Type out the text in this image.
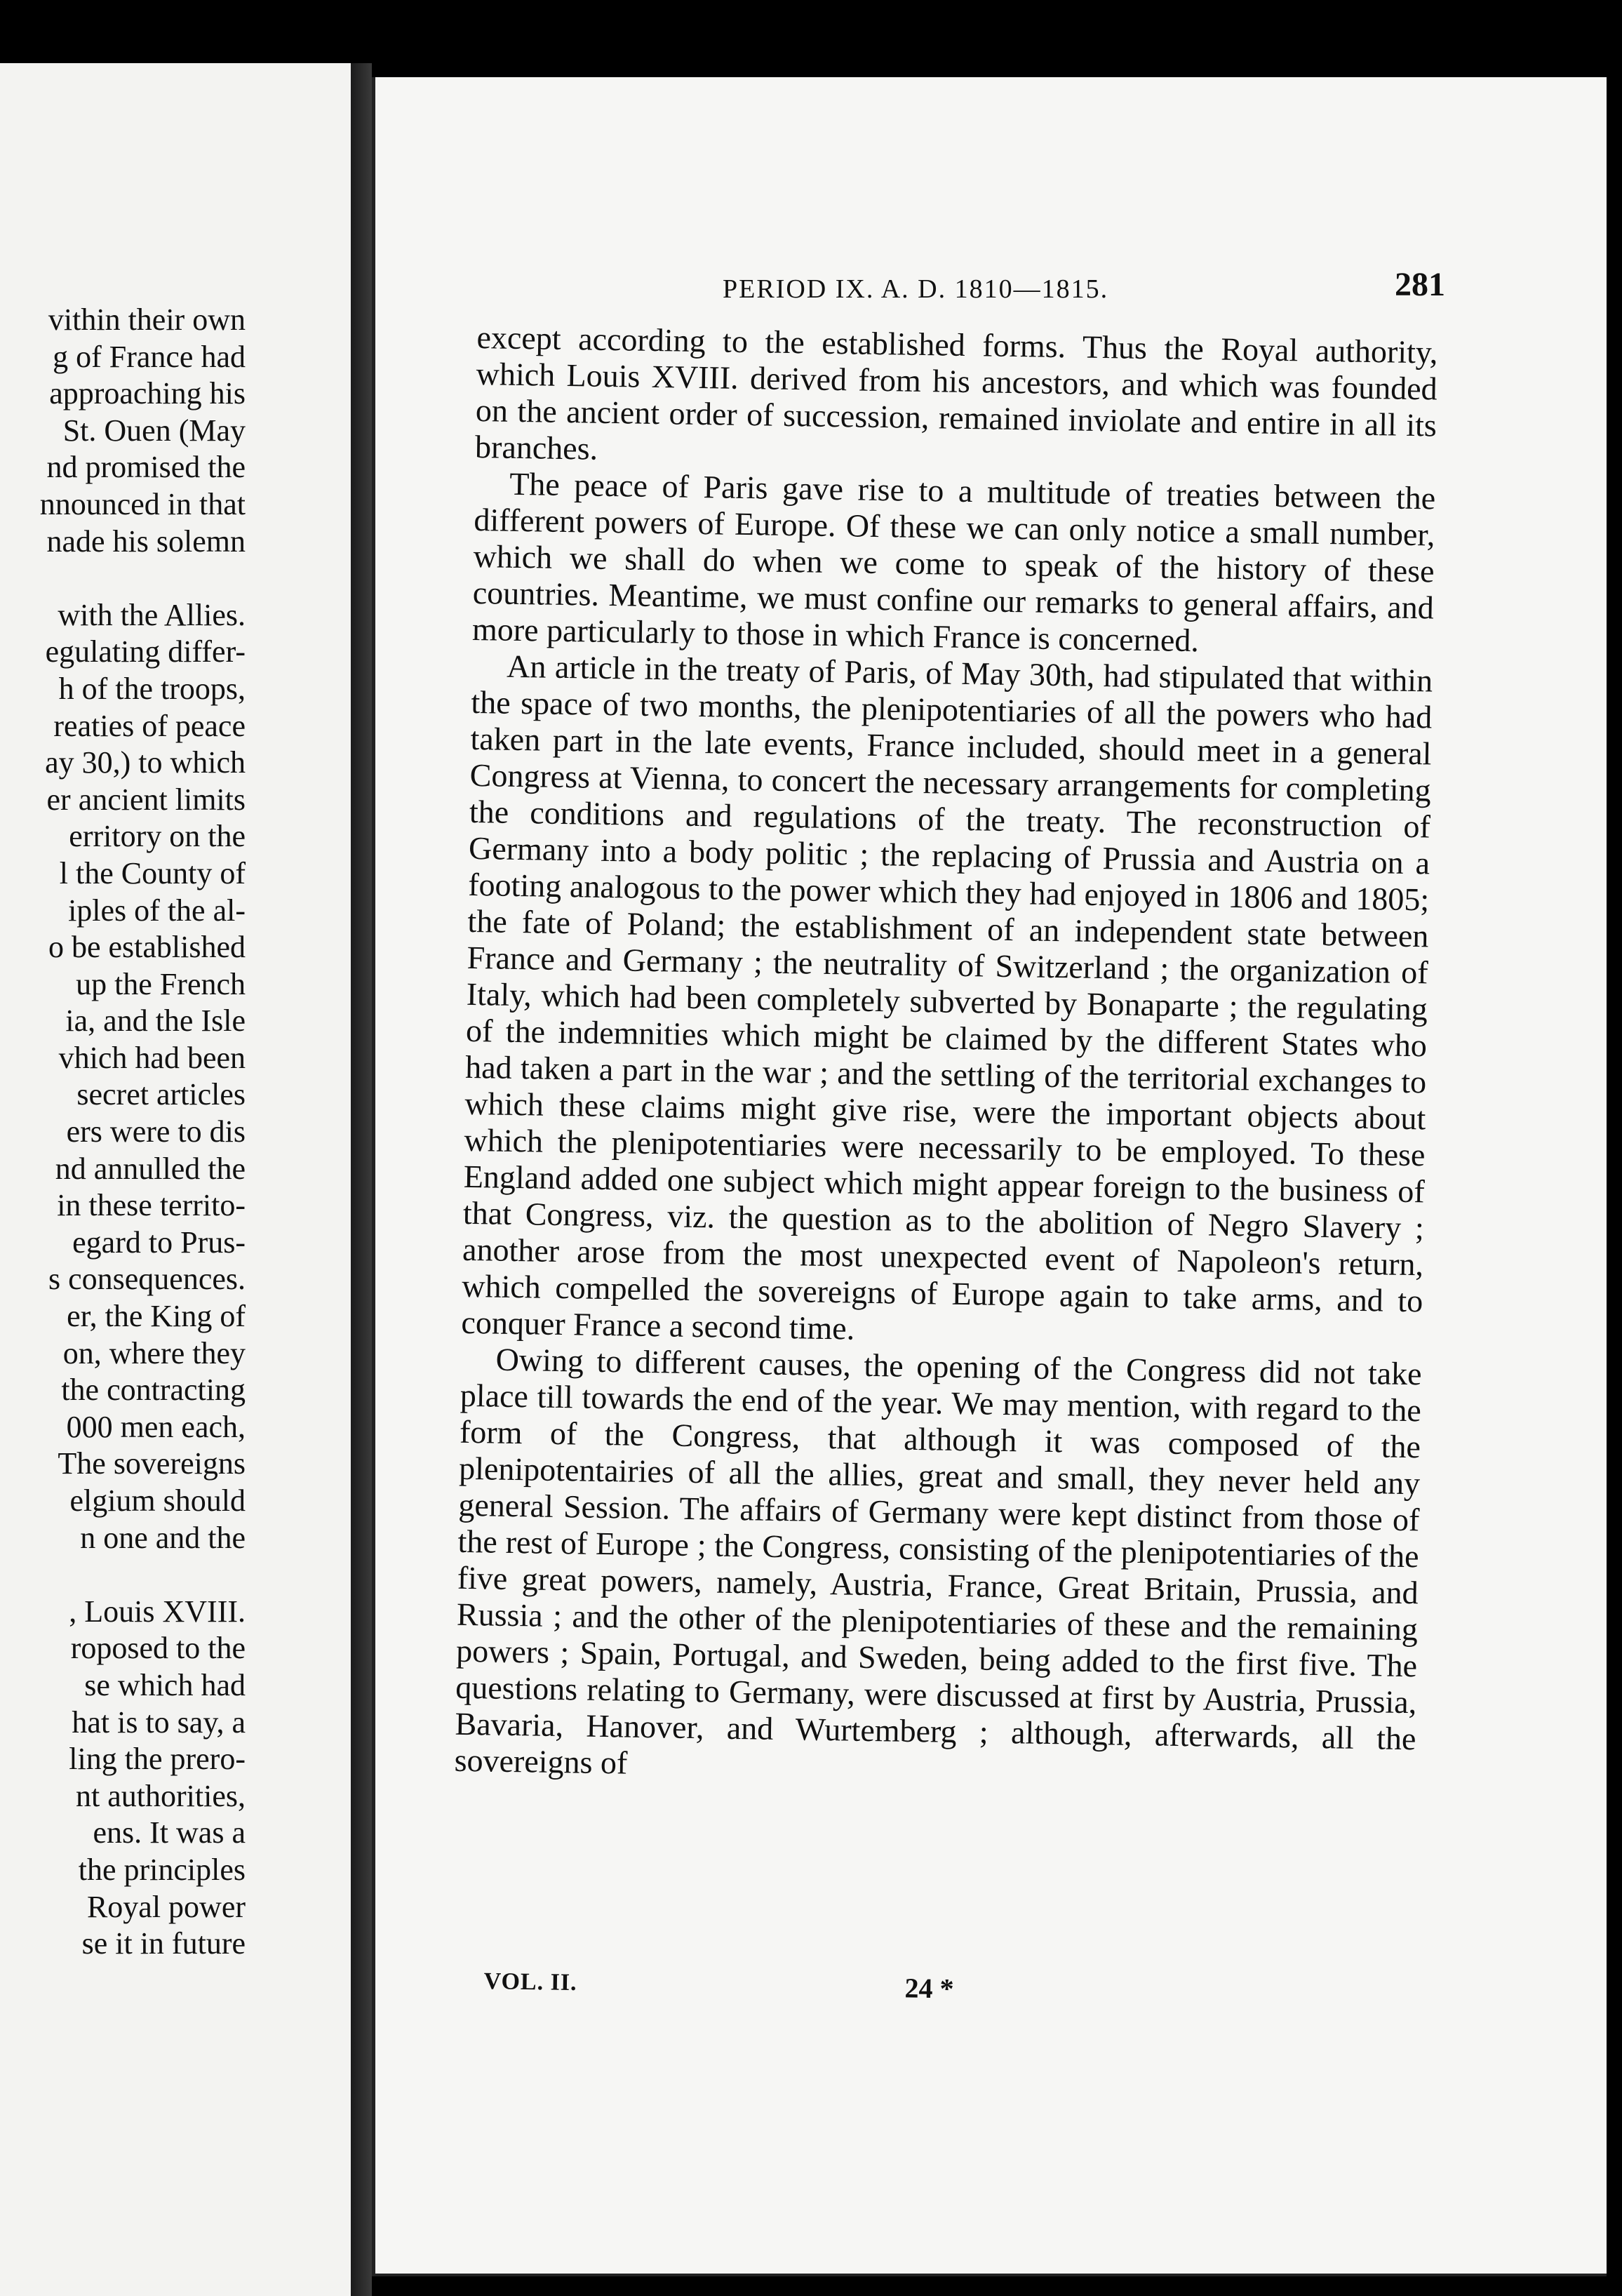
vithin their own
g of France had
approaching his
St. Ouen (May
nd promised the
nnounced in that
nade his solemn
with the Allies.
egulating differ-
h of the troops,
reaties of peace
ay 30,) to which
er ancient limits
erritory on the
l the County of
iples of the al-
o be established
up the French
ia, and the Isle
vhich had been
secret articles
ers were to dis
nd annulled the
in these territo-
egard to Prus-
s consequences.
er, the King of
on, where they
the contracting
000 men each,
The sovereigns
elgium should
n one and the
, Louis XVIII.
roposed to the
se which had
hat is to say, a
ling the prero-
nt authorities,
ens. It was a
the principles
Royal power
se it in future
PERIOD IX. A. D. 1810—1815.	281

except according to the established forms. Thus the Royal authority, which Louis XVIII. derived from his ancestors, and which was founded on the ancient order of succession, remained inviolate and entire in all its branches.

The peace of Paris gave rise to a multitude of treaties between the different powers of Europe. Of these we can only notice a small number, which we shall do when we come to speak of the history of these countries. Meantime, we must confine our remarks to general affairs, and more particularly to those in which France is concerned.

An article in the treaty of Paris, of May 30th, had stipulated that within the space of two months, the plenipotentiaries of all the powers who had taken part in the late events, France included, should meet in a general Congress at Vienna, to concert the necessary arrangements for completing the conditions and regulations of the treaty. The reconstruction of Germany into a body politic ; the replacing of Prussia and Austria on a footing analogous to the power which they had enjoyed in 1806 and 1805; the fate of Poland; the establishment of an independent state between France and Germany ; the neutrality of Switzerland ; the organization of Italy, which had been completely subverted by Bonaparte ; the regulating of the indemnities which might be claimed by the different States who had taken a part in the war ; and the settling of the territorial exchanges to which these claims might give rise, were the important objects about which the plenipotentiaries were necessarily to be employed. To these England added one subject which might appear foreign to the business of that Congress, viz. the question as to the abolition of Negro Slavery ; another arose from the most unexpected event of Napoleon's return, which compelled the sovereigns of Europe again to take arms, and to conquer France a second time.

Owing to different causes, the opening of the Congress did not take place till towards the end of the year. We may mention, with regard to the form of the Congress, that although it was composed of the plenipotentairies of all the allies, great and small, they never held any general Session. The affairs of Germany were kept distinct from those of the rest of Europe ; the Congress, consisting of the plenipotentiaries of the five great powers, namely, Austria, France, Great Britain, Prussia, and Russia ; and the other of the plenipotentiaries of these and the remaining powers ; Spain, Portugal, and Sweden, being added to the first five. The questions relating to Germany, were discussed at first by Austria, Prussia, Bavaria, Hanover, and Wurtemberg ; although, afterwards, all the sovereigns of

VOL. II.	24 *
